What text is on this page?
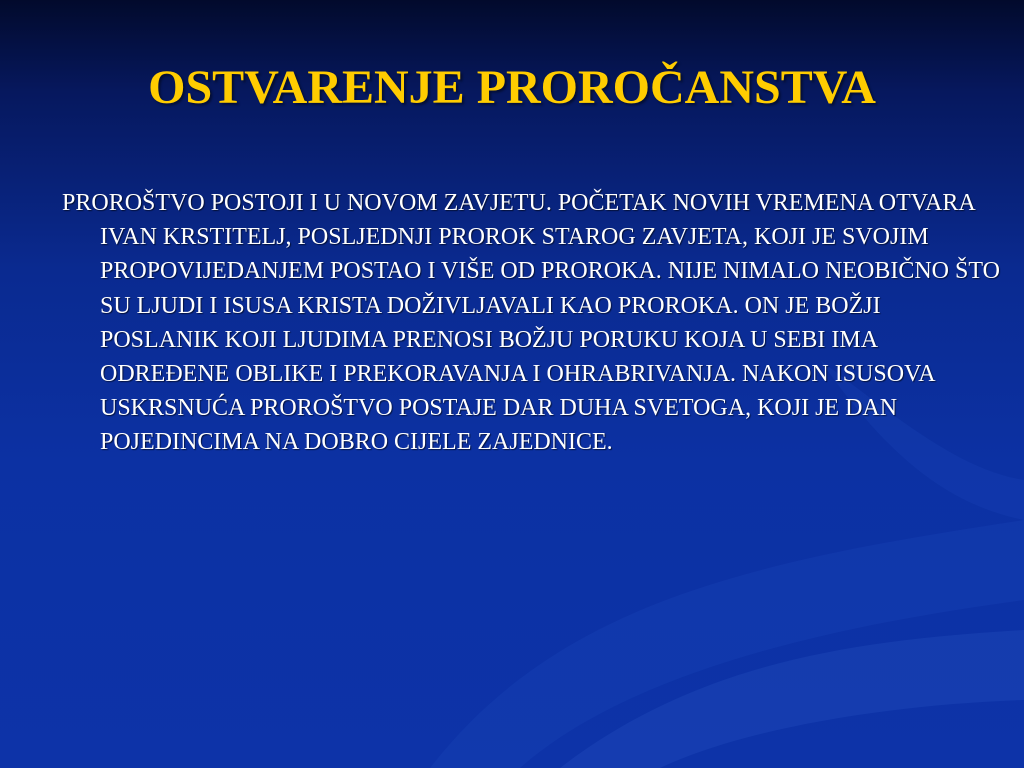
OSTVARENJE PROROČANSTVA

PROROŠTVO POSTOJI I U NOVOM ZAVJETU. POČETAK NOVIH VREMENA OTVARA IVAN KRSTITELJ, POSLJEDNJI PROROK STAROG ZAVJETA, KOJI JE SVOJIM PROPOVIJEDANJEM POSTAO I VIŠE OD PROROKA. NIJE NIMALO NEOBIČNO ŠTO SU LJUDI I ISUSA KRISTA DOŽIVLJAVALI KAO PROROKA. ON JE BOŽJI POSLANIK KOJI LJUDIMA PRENOSI BOŽJU PORUKU KOJA U SEBI IMA ODREĐENE OBLIKE I PREKORAVANJA I OHRABRIVANJA. NAKON ISUSOVA USKRSNUĆA PROROŠTVO POSTAJE DAR DUHA SVETOGA, KOJI JE DAN POJEDINCIMA NA DOBRO CIJELE ZAJEDNICE.
